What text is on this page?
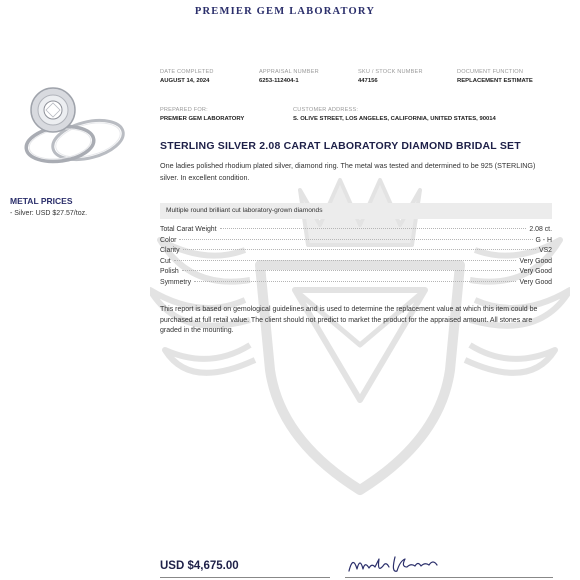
PREMIER GEM LABORATORY
METAL PRICES
- Silver: USD $27.57/toz.
DATE COMPLETED
AUGUST 14, 2024
APPRAISAL NUMBER
6253-112404-1
SKU / STOCK NUMBER
447156
DOCUMENT FUNCTION
REPLACEMENT ESTIMATE
PREPARED FOR:
PREMIER GEM LABORATORY
CUSTOMER ADDRESS:
S. OLIVE STREET, LOS ANGELES, CALIFORNIA, UNITED STATES, 90014
STERLING SILVER 2.08 CARAT LABORATORY DIAMOND BRIDAL SET
One ladies polished rhodium plated silver, diamond ring. The metal was tested and determined to be 925 (STERLING) silver. In excellent condition.
Multiple round brilliant cut laboratory-grown diamonds
Total Carat Weight	2.08 ct.
Color	G - H
Clarity	VS2
Cut	Very Good
Polish	Very Good
Symmetry	Very Good
This report is based on gemological guidelines and is used to determine the replacement value at which this item could be purchased at full retail value. The client should not predict to market the product for the appraised amount. All stones are graded in the mounting.
USD $4,675.00
